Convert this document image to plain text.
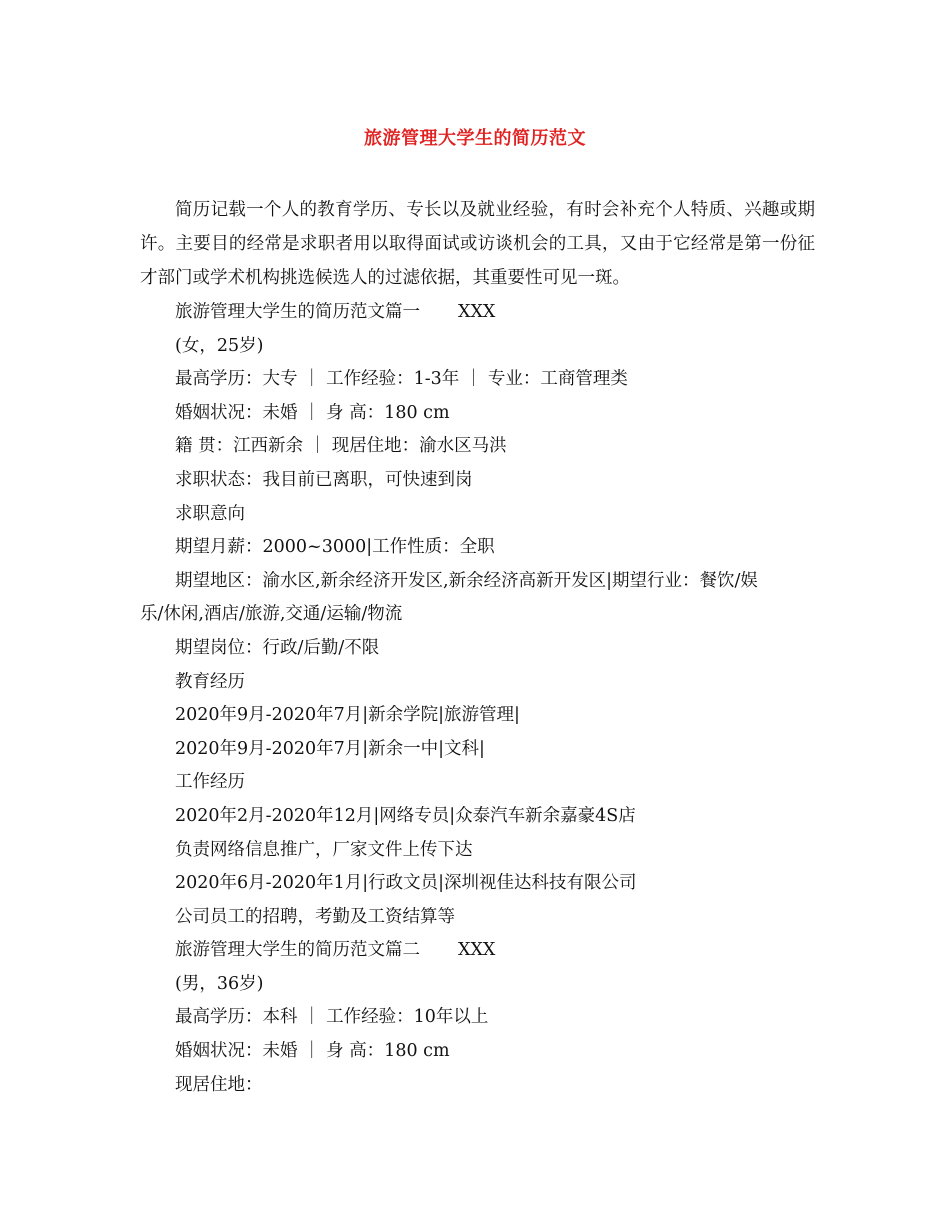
旅游管理大学生的简历范文

简历记载一个人的教育学历、专长以及就业经验，有时会补充个人特质、兴趣或期许。主要目的经常是求职者用以取得面试或访谈机会的工具，又由于它经常是第一份征才部门或学术机构挑选候选人的过滤依据，其重要性可见一斑。

旅游管理大学生的简历范文篇一 XXX
(女，25岁)
最高学历：大专 ｜ 工作经验：1-3年 ｜ 专业：工商管理类
婚姻状况：未婚 ｜ 身 高：180 cm
籍 贯：江西新余 ｜ 现居住地：渝水区马洪
求职状态：我目前已离职，可快速到岗
求职意向
期望月薪：2000~3000|工作性质：全职
期望地区：渝水区,新余经济开发区,新余经济高新开发区|期望行业：餐饮/娱
乐/休闲,酒店/旅游,交通/运输/物流
期望岗位：行政/后勤/不限
教育经历
2020年9月-2020年7月|新余学院|旅游管理|
2020年9月-2020年7月|新余一中|文科|
工作经历
2020年2月-2020年12月|网络专员|众泰汽车新余嘉豪4S店
负责网络信息推广，厂家文件上传下达
2020年6月-2020年1月|行政文员|深圳视佳达科技有限公司
公司员工的招聘，考勤及工资结算等
旅游管理大学生的简历范文篇二 XXX
(男，36岁)
最高学历：本科 ｜ 工作经验：10年以上
婚姻状况：未婚 ｜ 身 高：180 cm
现居住地：
